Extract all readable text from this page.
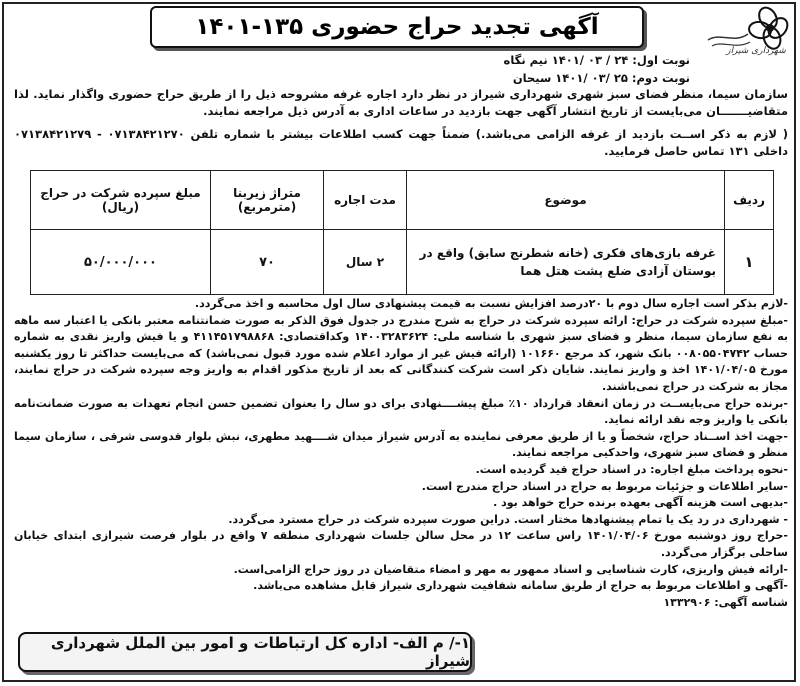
شهرداری شیراز
آگهی تجدید حراج حضوری ۱۳۵-۱۴۰۱
نوبت اول: ۲۴ / ۰۳ /۱۴۰۱ نیم نگاه
نوبت دوم: ۲۵ /۰۳ /۱۴۰۱ سیحان
سازمان سیما، منظر فضای سبز شهری شهرداری شیراز در نظر دارد اجاره غرفه مشروحه ذیل را از طریق حراج حضوری واگذار نماید. لذا متقاضیـــــــان می‌بایست از تاریخ انتشار آگهی جهت بازدید در ساعات اداری به آدرس ذیل مراجعه نمایند.
( لازم به ذکر اســت بازدید از غرفه الزامی می‌باشد.) ضمناً جهت کسب اطلاعات بیشتر با شماره تلفن ۰۷۱۳۸۴۲۱۲۷۰ - ۰۷۱۳۸۴۲۱۲۷۹ داخلی ۱۳۱ تماس حاصل فرمایید.
ردیف	موضوع	مدت اجاره	متراژ زیربنا (مترمربع)	مبلغ سپرده شرکت در حراج (ریال)
۱	غرفه بازی‌های فکری (خانه شطرنج سابق) واقع در بوستان آزادی ضلع پشت هتل هما	۲ سال	۷۰	۵۰/۰۰۰/۰۰۰

-لازم بذکر است اجاره سال دوم با ۲۰درصد افزایش نسبت به قیمت پیشنهادی سال اول محاسبه و اخذ می‌گردد.

-مبلغ سپرده شرکت در حراج: ارائه سپرده شرکت در حراج به شرح مندرج در جدول فوق الذکر به صورت ضمانتنامه معتبر بانکی یا اعتبار سه ماهه به نفع سازمان سیما، منظر و فضای سبز شهری با شناسه ملی: ۱۴۰۰۳۲۸۳۶۲۴ وکداقتصادی: ۴۱۱۴۵۱۷۹۸۸۶۸ و یا فیش واریز نقدی به شماره حساب ۰۰۸۰۵۵۰۴۷۴۲ بانک شهر، کد مرجع ۱۰۱۶۶۰ (ارائه فیش غیر از موارد اعلام شده مورد قبول نمی‌باشد) که می‌بایست حداکثر تا روز یکشنبه مورخ ۱۴۰۱/۰۴/۰۵ اخذ و واریز نمایند. شایان ذکر است شرکت کنندگانی که بعد از تاریخ مذکور اقدام به واریز وجه سپرده شرکت در حراج نمایند، مجاز به شرکت در حراج نمی‌باشند.

-برنده حراج می‌بایســت در زمان انعقاد قرارداد ۱۰٪ مبلغ پیشــــنهادی برای دو سال را بعنوان تضمین حسن انجام تعهدات به صورت ضمانت‌نامه بانکی یا واریز وجه نقد ارائه نماید.

-جهت اخذ اســناد حراج، شخصاً و یا از طریق معرفی نماینده به آدرس شیراز میدان شــــهید مطهری، نبش بلوار قدوسی شرقی ، سازمان سیما منظر و فضای سبز شهری، واحدکیی مراجعه نمایند.

-نحوه پرداخت مبلغ اجاره: در اسناد حراج قید گردیده است.

-سایر اطلاعات و جزئیات مربوط به حراج در اسناد حراج مندرج است.

-بدیهی است هزینه آگهی بعهده برنده حراج خواهد بود .

- شهرداری در رد یک یا تمام پیشنهادها مختار است. دراین صورت سپرده شرکت در حراج مسترد می‌گردد.

-حراج روز دوشنبه مورخ ۱۴۰۱/۰۴/۰۶ راس ساعت ۱۲ در محل سالن جلسات شهرداری منطقه ۷ واقع در بلوار فرصت شیرازی ابتدای خیابان ساحلی برگزار می‌گردد.

-ارائه فیش واریزی، کارت شناسایی و اسناد ممهور به مهر و امضاء متقاضیان در روز حراج الزامی‌است.

-آگهی و اطلاعات مربوط به حراج از طریق سامانه شفافیت شهرداری شیراز قابل مشاهده می‌باشد.

شناسه آگهی: ۱۳۳۲۹۰۶

۱-/ م الف- اداره کل ارتباطات و امور بین الملل شهرداری شیراز
